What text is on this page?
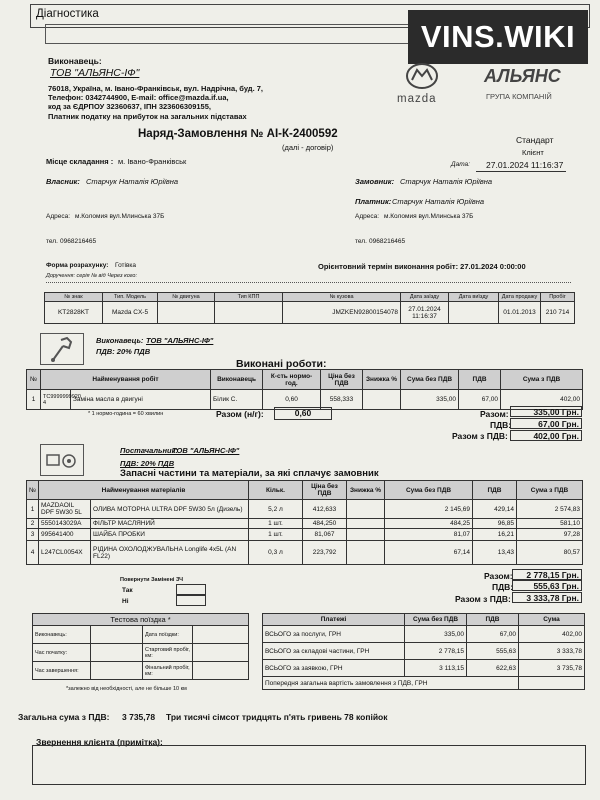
Діагностика
VINS.WIKI
Виконавець:
ТОВ "АЛЬЯНС-ІФ"
76018, Україна, м. Івано-Франківськ, вул. Надрічна, буд. 7,
Телефон: 0342744900, E-mail: office@mazda.if.ua,
код за ЄДРПОУ 32360637, ІПН 323606309155,
Платник податку на прибуток на загальних підставах
mazda
АЛЬЯНС
ГРУПА КОМПАНІЙ
Наряд-Замовлення № АІ-К-2400592
(далі - договір)
Стандарт
Клієнт
Місце складання : м. Івано-Франківськ	Дата: 27.01.2024 11:16:37
Власник: Старчук Наталія Юріївна	Замовник: Старчук Наталія Юріївна
Платник: Старчук Наталія Юріївна
Адреса: м.Коломия вул.Млинська 37Б	Адреса: м.Коломия вул.Млинська 37Б
тел. 0968216465	тел. 0968216465
Форма розрахунку: Готівка	Орієнтовний термін виконання робіт: 27.01.2024 0:00:00
Доручення: серія № від Через кого:
№ знак	Тип. Модель	№ двигуна	Тип КПП	№ кузова	Дата заїзду	Дата виїзду	Дата продажу	Пробіг
KT2828KT	Mazda CX-5			JMZKEN92800154078	27.01.2024 11:16:37		01.01.2013	210 714
Виконавець: ТОВ "АЛЬЯНС-ІФ"
ПДВ: 20% ПДВ
Виконані роботи:
№	Найменування робіт		Виконавець	К-сть нормо-год.	Ціна без ПДВ	Знижка %	Сума без ПДВ	ПДВ	Сума з ПДВ
1	TC9999999920 4	Заміна масла в двигуні	Білик С.	0,60	558,333		335,00	67,00	402,00
* 1 нормо-година = 60 хвилин	Разом (н/г):	0,60	Разом:	335,00 Грн.
ПДВ:	67,00 Грн.
Разом з ПДВ:	402,00 Грн.
Постачальник:
ТОВ "АЛЬЯНС-ІФ"
ПДВ: 20% ПДВ
Запасні частини та матеріали, за які сплачує замовник
№	Найменування матеріалів		Кільк.	Ціна без ПДВ	Знижка %	Сума без ПДВ	ПДВ	Сума з ПДВ
1	MAZDAOIL DPF 5W30 5L	ОЛИВА МОТОРНА ULTRA DPF 5W30 5л (Дизель)	5,2 л	412,633		2 145,69	429,14	2 574,83
2	5550143029A	ФІЛЬТР МАСЛЯНИЙ	1 шт.	484,250		484,25	96,85	581,10
3	995641400	ШАЙБА ПРОБКИ	1 шт.	81,067		81,07	16,21	97,28
4	L247CL0054X	РІДИНА ОХОЛОДЖУВАЛЬНА Longlife 4x5L (AN FL22)	0,3 л	223,792		67,14	13,43	80,57
Повернути Замінені ЗЧ
Так
Ні
Разом:	2 778,15 Грн.
ПДВ:	555,63 Грн.
Разом з ПДВ:	3 333,78 Грн.
Тестова поїздка *			
Виконавець:		Дата поїздки:	
Час початку:		Стартовий пробіг, км:	
Час завершення:		Фінальний пробіг, км:	
*залежно від необхідності, але не більше 10 км
Платежі	Сума без ПДВ	ПДВ	Сума
ВСЬОГО за послуги, ГРН	335,00	67,00	402,00
ВСЬОГО за складові частини, ГРН	2 778,15	555,63	3 333,78
ВСЬОГО за заявкою, ГРН	3 113,15	622,63	3 735,78
Попередня загальна вартість замовлення з ПДВ, ГРН			
Загальна сума з ПДВ: 3 735,78 Три тисячі сімсот тридцять п'ять гривень 78 копійок
Звернення клієнта (примітка):
